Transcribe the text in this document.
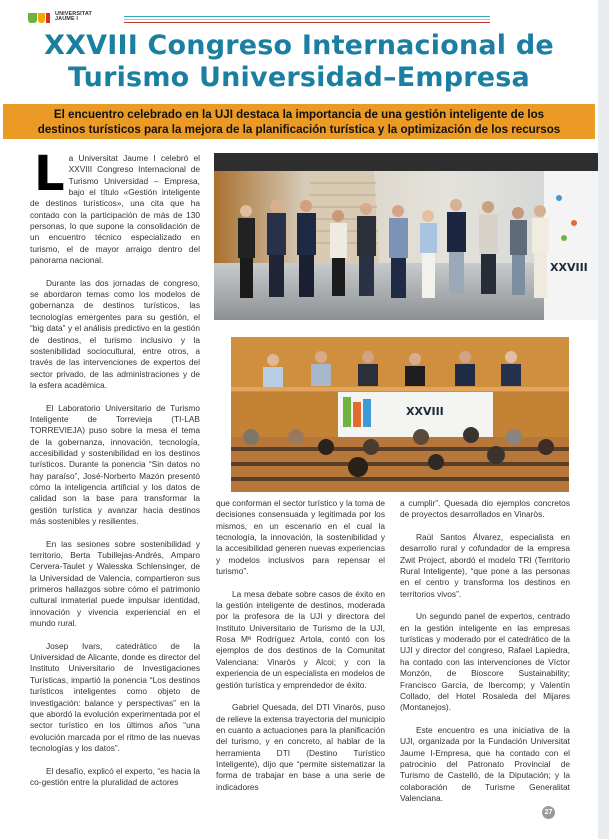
UNIVERSITAT
JAUME I
XXVIII Congreso Internacional de
Turismo Universidad–Empresa
El encuentro celebrado en la UJI destaca la importancia de una gestión inteligente de los
destinos turísticos para la mejora de la planificación turística y la optimización de los recursos

La Universitat Jaume I celebró el XXVIII Congreso Internacional de Turismo Universidad – Empresa, bajo el título «Gestión inteligente de destinos turísticos», una cita que ha contado con la participación de más de 130 personas, lo que supone la consolidación de un encuentro técnico especializado en turismo, el de mayor arraigo dentro del panorama nacional.

Durante las dos jornadas de congreso, se abordaron temas como los modelos de gobernanza de destinos turísticos, las tecnologías emergentes para su gestión, el “big data” y el análisis predictivo en la gestión de destinos, el turismo inclusivo y la sostenibilidad sociocultural, entre otros, a través de las intervenciones de expertos del sector privado, de las administraciones y de la esfera académica.

El Laboratorio Universitario de Turismo Inteligente de Torrevieja (TI-LAB TORREVIEJA) puso sobre la mesa el tema de la gobernanza, innovación, tecnología, accesibilidad y sostenibilidad en los destinos turísticos. Durante la ponencia “Sin datos no hay paraíso”, José-Norberto Mazón presentó cómo la inteligencia artificial y los datos de calidad son la base para transformar la gestión turística y avanzar hacia destinos más sostenibles y resilientes.

En las sesiones sobre sostenibilidad y territorio, Berta Tubillejas-Andrés, Amparo Cervera-Taulet y Walesska Schlensinger, de la Universidad de Valencia, compartieron sus primeros hallazgos sobre cómo el patrimonio cultural inmaterial puede impulsar identidad, innovación y vivencia experiencial en el mundo rural.

Josep Ivars, catedrático de la Universidad de Alicante, donde es director del Instituto Universitario de Investigaciones Turísticas, impartió la ponencia “Los destinos turísticos inteligentes como objeto de investigación: balance y perspectivas” en la que abordó la evolución experimentada por el sector turístico en los últimos años “una evolución marcada por el ritmo de las nuevas tecnologías y los datos”.

El desafío, explicó el experto, “es hacia la co-gestión entre la pluralidad de actores

XXVIII
XXVIII

que conforman el sector turístico y la toma de decisiones consensuada y legitimada por los mismos, en un escenario en el cual la tecnología, la innovación, la sostenibilidad y la accesibilidad generen nuevas experiencias y modelos inclusivos para repensar el turismo”.

La mesa debate sobre casos de éxito en la gestión inteligente de destinos, moderada por la profesora de la UJI y directora del Instituto Universitario de Turismo de la UJI, Rosa Mª Rodríguez Artola, contó con los ejemplos de dos destinos de la Comunitat Valenciana: Vinaròs y Alcoi; y con la experiencia de un especialista en modelos de gestión turística y emprendedor de éxito.

Gabriel Quesada, del DTI Vinaròs, puso de relieve la extensa trayectoria del municipio en cuanto a actuaciones para la planificación del turismo, y en concreto, al hablar de la herramienta DTI (Destino Turístico Inteligente), dijo que “permite sistematizar la forma de trabajar en base a una serie de indicadores

a cumplir”. Quesada dio ejemplos concretos de proyectos desarrollados en Vinaròs.

Raúl Santos Álvarez, especialista en desarrollo rural y cofundador de la empresa Zwit Project, abordó el modelo TRI (Territorio Rural Inteligente), “que pone a las personas en el centro y transforma los destinos en territorios vivos”.

Un segundo panel de expertos, centrado en la gestión inteligente en las empresas turísticas y moderado por el catedrático de la UJI y director del congreso, Rafael Lapiedra, ha contado con las intervenciones de Víctor Monzón, de Bioscore Sustainability; Francisco García, de Ibercomp; y Valentín Collado, del Hotel Rosaleda del Mijares (Montanejos).

Este encuentro es una iniciativa de la UJI, organizada por la Fundación Universitat Jaume I-Empresa, que ha contado con el patrocinio del Patronato Provincial de Turismo de Castelló, de la Diputación; y la colaboración de Turisme Generalitat Valenciana.

27
